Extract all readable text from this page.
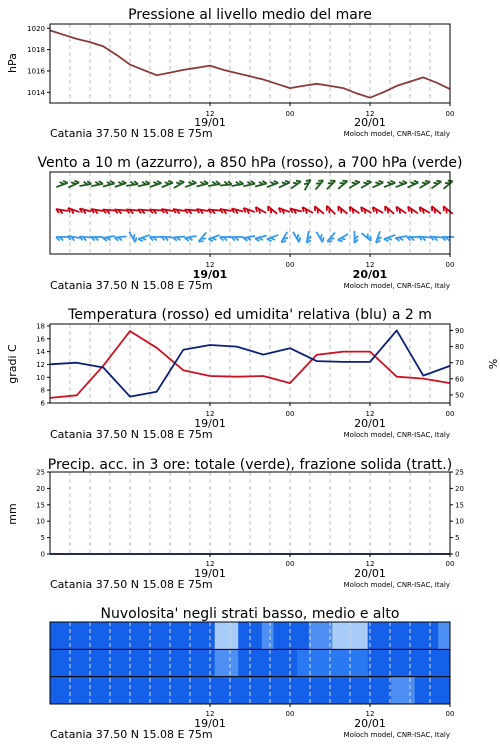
Pressione al livello medio del mare
hPa
1014
1016
1018
1020
12	00	12	00
19/01	20/01
Catania 37.50 N 15.08 E 75m	Moloch model, CNR-ISAC, Italy
Vento a 10 m (azzurro), a 850 hPa (rosso), a 700 hPa (verde)
12	00	12	00
19/01	20/01
Catania 37.50 N 15.08 E 75m	Moloch model, CNR-ISAC, Italy
Temperatura (rosso) ed umidita' relativa (blu) a 2 m
gradi C	%
6
8
10
12
14
16
18
50
60
70
80
90
12	00	12	00
19/01	20/01
Catania 37.50 N 15.08 E 75m	Moloch model, CNR-ISAC, Italy
Precip. acc. in 3 ore: totale (verde), frazione solida (tratt.)
mm
0
5
10
15
20
25
0
5
10
15
20
25
12	00	12	00
19/01	20/01
Catania 37.50 N 15.08 E 75m	Moloch model, CNR-ISAC, Italy
Nuvolosita' negli strati basso, medio e alto
12	00	12	00
19/01	20/01
Catania 37.50 N 15.08 E 75m	Moloch model, CNR-ISAC, Italy
